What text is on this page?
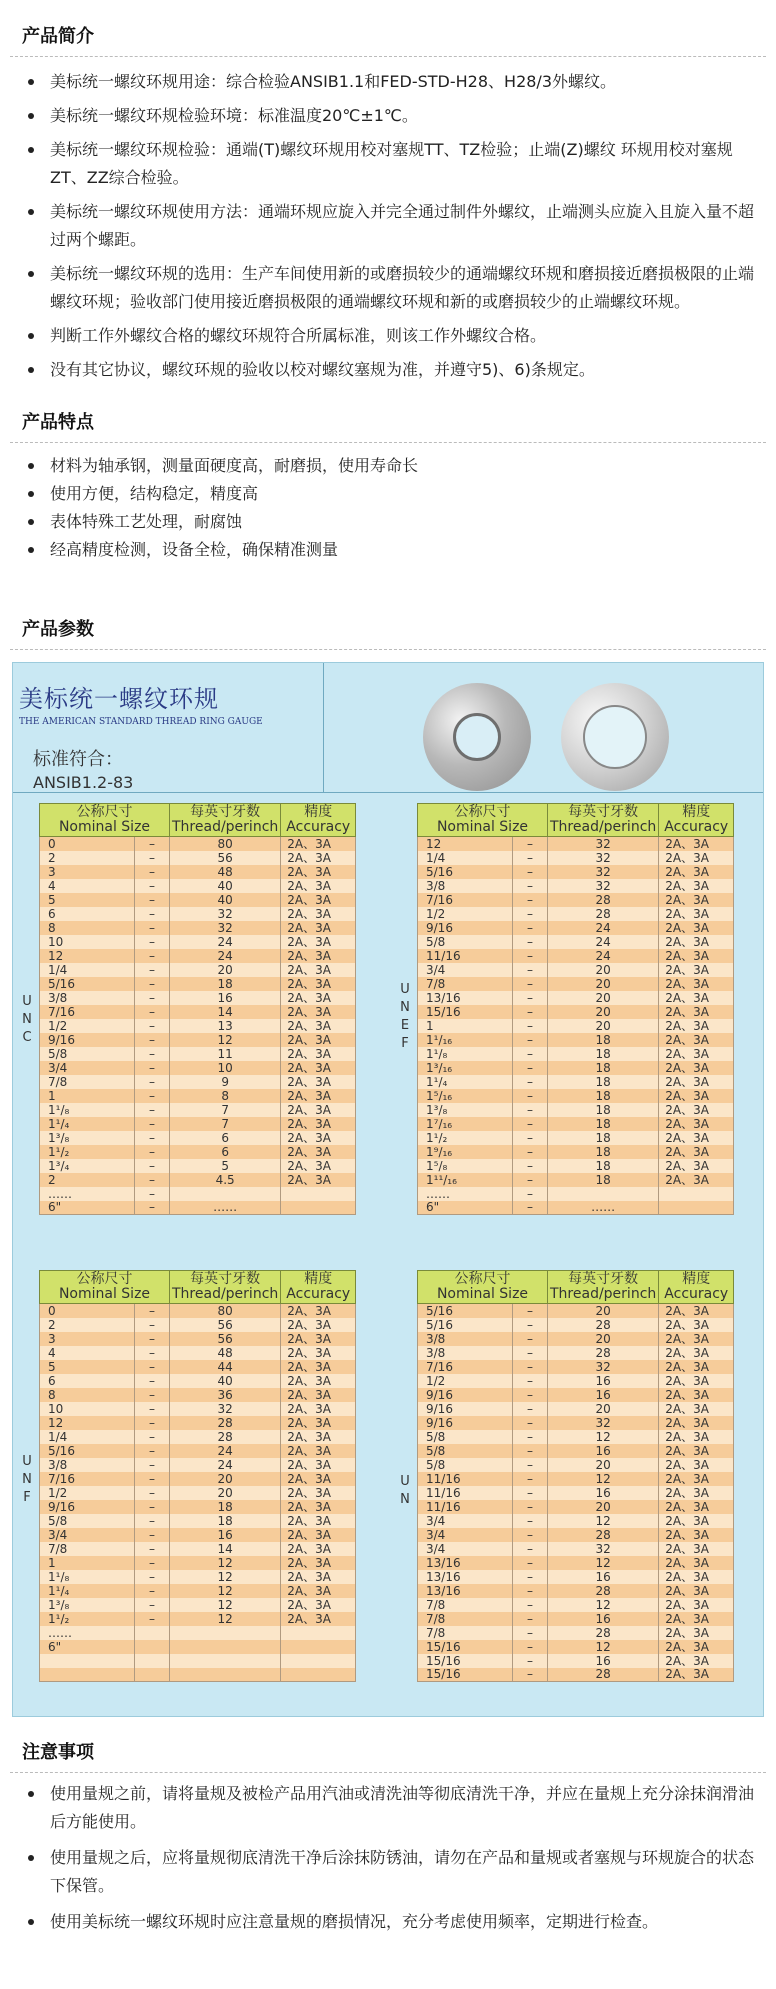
产品简介
美标统一螺纹环规用途：综合检验ANSIB1.1和FED-STD-H28、H28/3外螺纹。
美标统一螺纹环规检验环境：标准温度20℃±1℃。
美标统一螺纹环规检验：通端(T)螺纹环规用校对塞规TT、TZ检验；止端(Z)螺纹 环规用校对塞规ZT、ZZ综合检验。
美标统一螺纹环规使用方法：通端环规应旋入并完全通过制件外螺纹，止端测头应旋入且旋入量不超过两个螺距。
美标统一螺纹环规的选用：生产车间使用新的或磨损较少的通端螺纹环规和磨损接近磨损极限的止端螺纹环规；验收部门使用接近磨损极限的通端螺纹环规和新的或磨损较少的止端螺纹环规。
判断工作外螺纹合格的螺纹环规符合所属标准，则该工作外螺纹合格。
没有其它协议，螺纹环规的验收以校对螺纹塞规为准，并遵守5)、6)条规定。
产品特点
材料为轴承钢，测量面硬度高，耐磨损，使用寿命长
使用方便，结构稳定，精度高
表体特殊工艺处理，耐腐蚀
经高精度检测，设备全检，确保精准测量
产品参数
美标统一螺纹环规
THE AMERICAN STANDARD THREAD RING GAUGE
标准符合：
ANSIB1.2-83
U
N
C
U
N
E
F
U
N
F
U
N
公称尺寸
Nominal Size		每英寸牙数
Thread/perinch	精度
Accuracy
0	–	80	2A、3A
2	–	56	2A、3A
3	–	48	2A、3A
4	–	40	2A、3A
5	–	40	2A、3A
6	–	32	2A、3A
8	–	32	2A、3A
10	–	24	2A、3A
12	–	24	2A、3A
1/4	–	20	2A、3A
5/16	–	18	2A、3A
3/8	–	16	2A、3A
7/16	–	14	2A、3A
1/2	–	13	2A、3A
9/16	–	12	2A、3A
5/8	–	11	2A、3A
3/4	–	10	2A、3A
7/8	–	9	2A、3A
1	–	8	2A、3A
1¹/₈	–	7	2A、3A
1¹/₄	–	7	2A、3A
1³/₈	–	6	2A、3A
1¹/₂	–	6	2A、3A
1³/₄	–	5	2A、3A
2	–	4.5	2A、3A
……	–		
6"	–	……	
公称尺寸
Nominal Size		每英寸牙数
Thread/perinch	精度
Accuracy
12	–	32	2A、3A
1/4	–	32	2A、3A
5/16	–	32	2A、3A
3/8	–	32	2A、3A
7/16	–	28	2A、3A
1/2	–	28	2A、3A
9/16	–	24	2A、3A
5/8	–	24	2A、3A
11/16	–	24	2A、3A
3/4	–	20	2A、3A
7/8	–	20	2A、3A
13/16	–	20	2A、3A
15/16	–	20	2A、3A
1	–	20	2A、3A
1¹/₁₆	–	18	2A、3A
1¹/₈	–	18	2A、3A
1³/₁₆	–	18	2A、3A
1¹/₄	–	18	2A、3A
1⁵/₁₆	–	18	2A、3A
1³/₈	–	18	2A、3A
1⁷/₁₆	–	18	2A、3A
1¹/₂	–	18	2A、3A
1⁹/₁₆	–	18	2A、3A
1⁵/₈	–	18	2A、3A
1¹¹/₁₆	–	18	2A、3A
……	–		
6"	–	……	
公称尺寸
Nominal Size		每英寸牙数
Thread/perinch	精度
Accuracy
0	–	80	2A、3A
2	–	56	2A、3A
3	–	56	2A、3A
4	–	48	2A、3A
5	–	44	2A、3A
6	–	40	2A、3A
8	–	36	2A、3A
10	–	32	2A、3A
12	–	28	2A、3A
1/4	–	28	2A、3A
5/16	–	24	2A、3A
3/8	–	24	2A、3A
7/16	–	20	2A、3A
1/2	–	20	2A、3A
9/16	–	18	2A、3A
5/8	–	18	2A、3A
3/4	–	16	2A、3A
7/8	–	14	2A、3A
1	–	12	2A、3A
1¹/₈	–	12	2A、3A
1¹/₄	–	12	2A、3A
1³/₈	–	12	2A、3A
1¹/₂	–	12	2A、3A
……			
6"			

公称尺寸
Nominal Size		每英寸牙数
Thread/perinch	精度
Accuracy
5/16	–	20	2A、3A
5/16	–	28	2A、3A
3/8	–	20	2A、3A
3/8	–	28	2A、3A
7/16	–	32	2A、3A
1/2	–	16	2A、3A
9/16	–	16	2A、3A
9/16	–	20	2A、3A
9/16	–	32	2A、3A
5/8	–	12	2A、3A
5/8	–	16	2A、3A
5/8	–	20	2A、3A
11/16	–	12	2A、3A
11/16	–	16	2A、3A
11/16	–	20	2A、3A
3/4	–	12	2A、3A
3/4	–	28	2A、3A
3/4	–	32	2A、3A
13/16	–	12	2A、3A
13/16	–	16	2A、3A
13/16	–	28	2A、3A
7/8	–	12	2A、3A
7/8	–	16	2A、3A
7/8	–	28	2A、3A
15/16	–	12	2A、3A
15/16	–	16	2A、3A
15/16	–	28	2A、3A
注意事项
使用量规之前，请将量规及被检产品用汽油或清洗油等彻底清洗干净，并应在量规上充分涂抹润滑油后方能使用。
使用量规之后，应将量规彻底清洗干净后涂抹防锈油，请勿在产品和量规或者塞规与环规旋合的状态下保管。
使用美标统一螺纹环规时应注意量规的磨损情况，充分考虑使用频率，定期进行检查。
